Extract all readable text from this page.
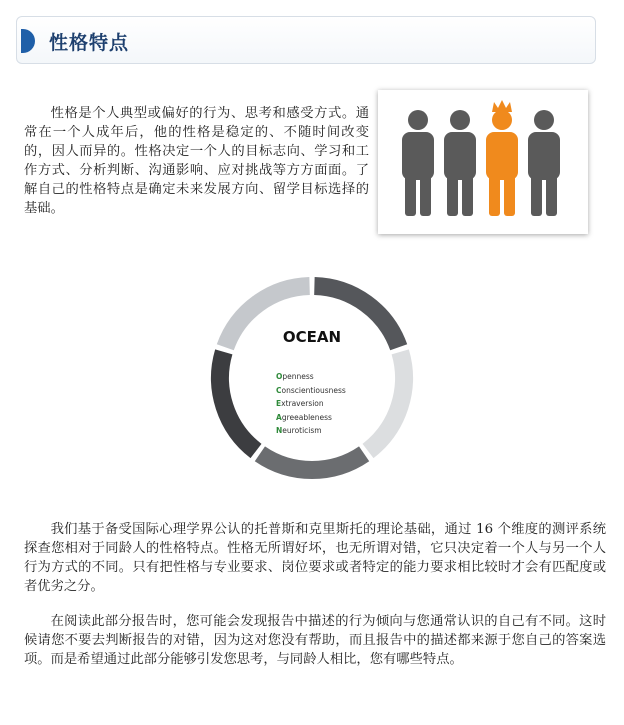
性格特点

性格是个人典型或偏好的行为、思考和感受方式。通常在一个人成年后，他的性格是稳定的、不随时间改变的，因人而异的。性格决定一个人的目标志向、学习和工作方式、分析判断、沟通影响、应对挑战等方方面面。了解自己的性格特点是确定未来发展方向、留学目标选择的基础。

OCEAN
Openness
Conscientiousness
Extraversion
Agreeableness
Neuroticism

我们基于备受国际心理学界公认的托普斯和克里斯托的理论基础，通过 16 个维度的测评系统探查您相对于同龄人的性格特点。性格无所谓好坏，也无所谓对错，它只决定着一个人与另一个人行为方式的不同。只有把性格与专业要求、岗位要求或者特定的能力要求相比较时才会有匹配度或者优劣之分。

在阅读此部分报告时，您可能会发现报告中描述的行为倾向与您通常认识的自己有不同。这时候请您不要去判断报告的对错，因为这对您没有帮助，而且报告中的描述都来源于您自己的答案选项。而是希望通过此部分能够引发您思考，与同龄人相比，您有哪些特点。
